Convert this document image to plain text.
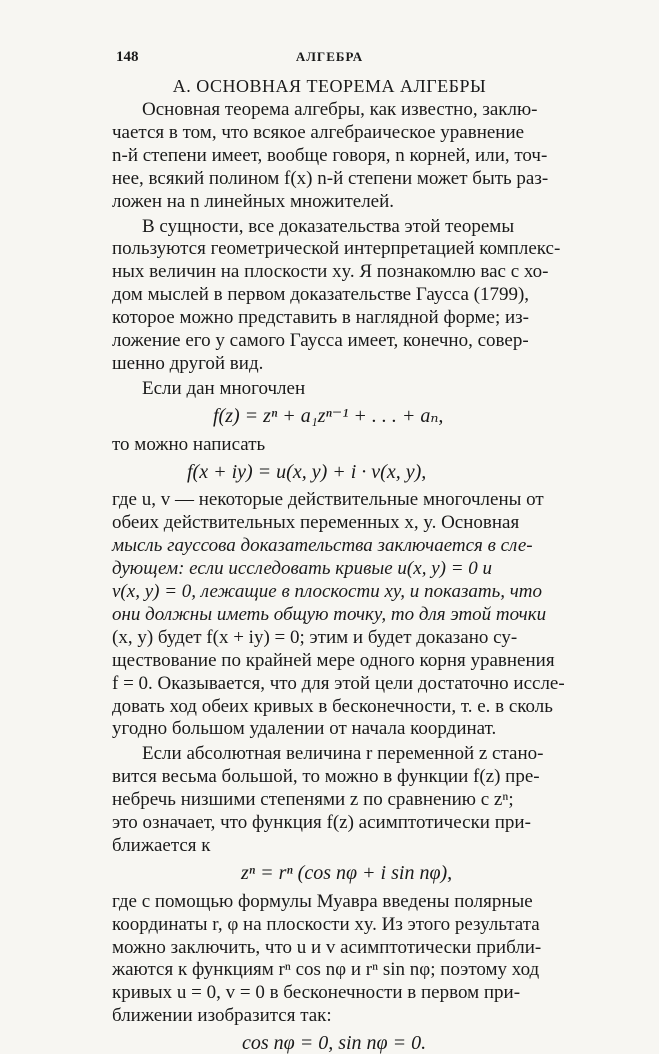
148	АЛГЕБРА
А. ОСНОВНАЯ ТЕОРЕМА АЛГЕБРЫ
Основная теорема алгебры, как известно, заклю-
чается в том, что всякое алгебраическое уравнение
n-й степени имеет, вообще говоря, n корней, или, точ-
нее, всякий полином f(x) n-й степени может быть раз-
ложен на n линейных множителей.
В сущности, все доказательства этой теоремы
пользуются геометрической интерпретацией комплекс-
ных величин на плоскости xy. Я познакомлю вас с хо-
дом мыслей в первом доказательстве Гаусса (1799),
которое можно представить в наглядной форме; из-
ложение его у самого Гаусса имеет, конечно, совер-
шенно другой вид.
Если дан многочлен
f(z) = zⁿ + a₁zⁿ⁻¹ + . . . + aₙ,
то можно написать
f(x + iy) = u(x, y) + i · v(x, y),
где u, v — некоторые действительные многочлены от
обеих действительных переменных x, y. Основная
мысль гауссова доказательства заключается в сле-
дующем: если исследовать кривые u(x, y) = 0 и
v(x, y) = 0, лежащие в плоскости xy, и показать, что
они должны иметь общую точку, то для этой точки
(x, y) будет f(x + iy) = 0; этим и будет доказано су-
ществование по крайней мере одного корня уравнения
f = 0. Оказывается, что для этой цели достаточно иссле-
довать ход обеих кривых в бесконечности, т. е. в сколь
угодно большом удалении от начала координат.
Если абсолютная величина r переменной z стано-
вится весьма большой, то можно в функции f(z) пре-
небречь низшими степенями z по сравнению с zⁿ;
это означает, что функция f(z) асимптотически при-
ближается к
zⁿ = rⁿ (cos nφ + i sin nφ),
где с помощью формулы Муавра введены полярные
координаты r, φ на плоскости xy. Из этого результата
можно заключить, что u и v асимптотически прибли-
жаются к функциям rⁿ cos nφ и rⁿ sin nφ; поэтому ход
кривых u = 0, v = 0 в бесконечности в первом при-
ближении изобразится так:
cos nφ = 0, sin nφ = 0.
